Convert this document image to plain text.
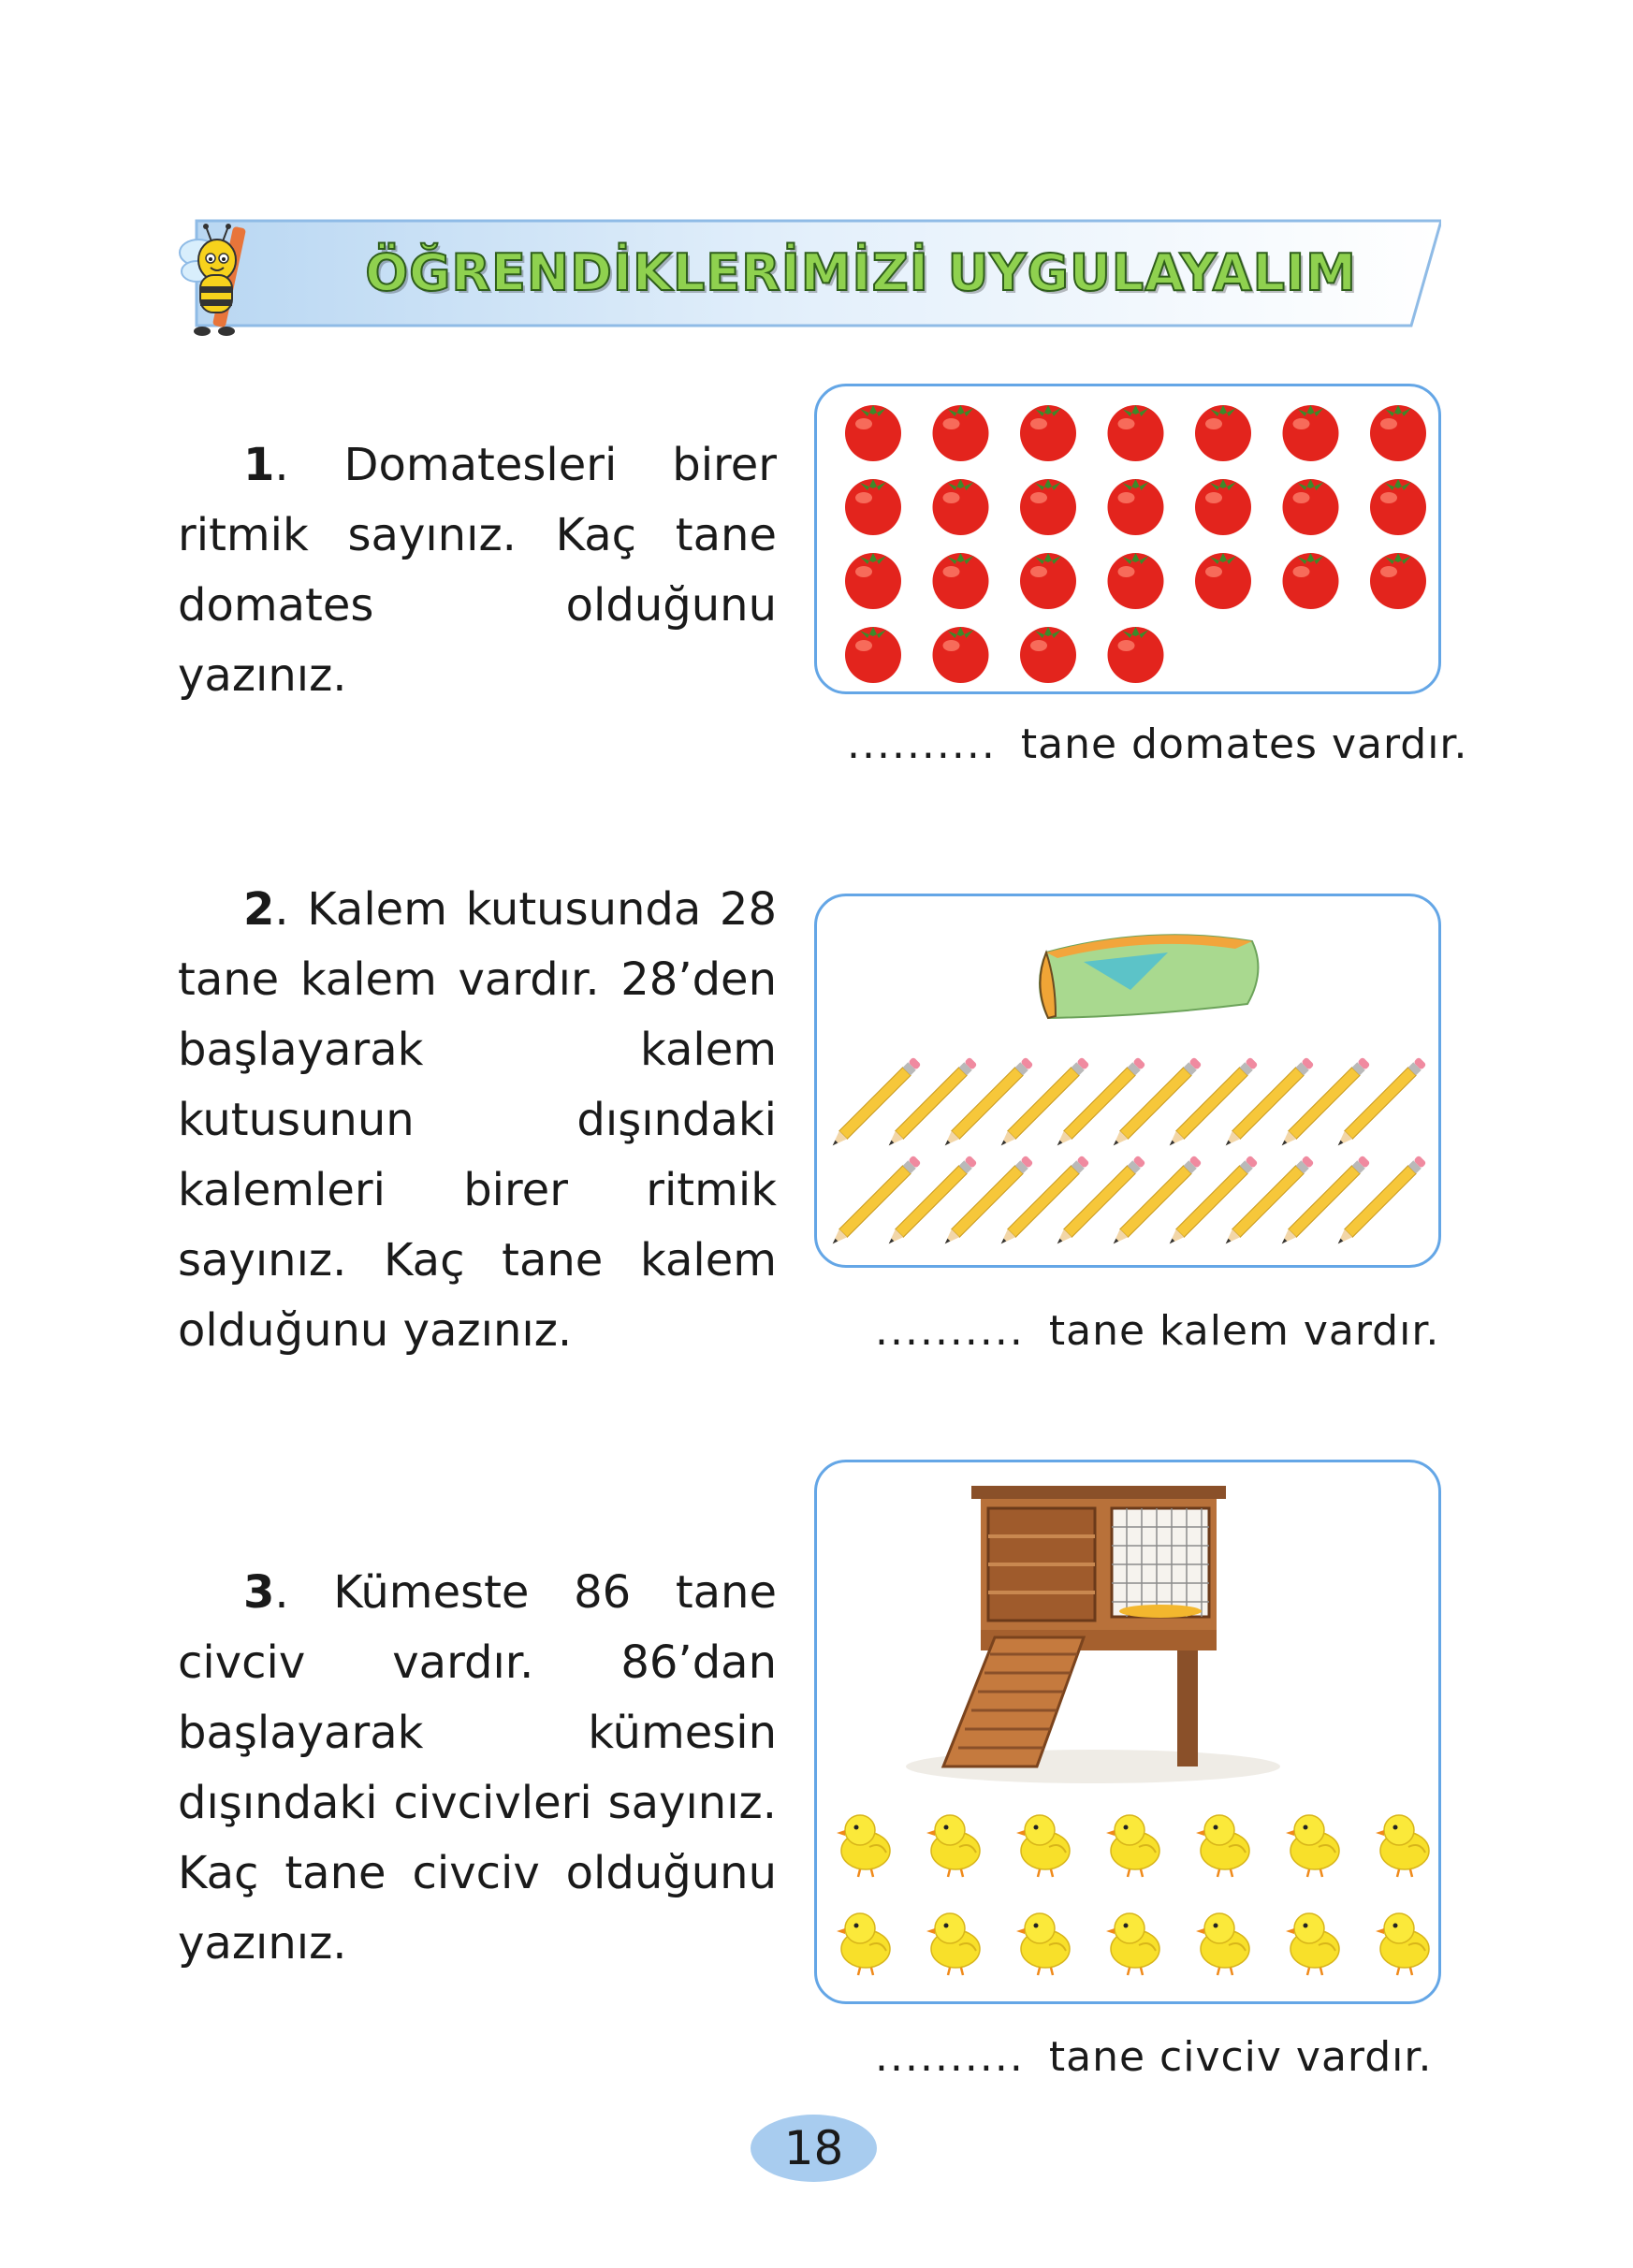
ÖĞRENDİKLERİMİZİ UYGULAYALIM
1. Domatesleri birer ritmik sayınız. Kaç tane domates olduğunu yazınız.
.......... tane domates vardır.
2. Kalem kutusunda 28 tane kalem vardır. 28’den başlayarak kalem kutusunun dışındaki kalemleri birer ritmik sayınız. Kaç tane kalem olduğunu yazınız.	.......... tane kalem vardır.
3. Kümeste 86 tane civciv vardır. 86’dan başlayarak kümesin dışındaki civcivleri sayınız. Kaç tane civciv olduğunu yazınız.
.......... tane civciv vardır.
18
